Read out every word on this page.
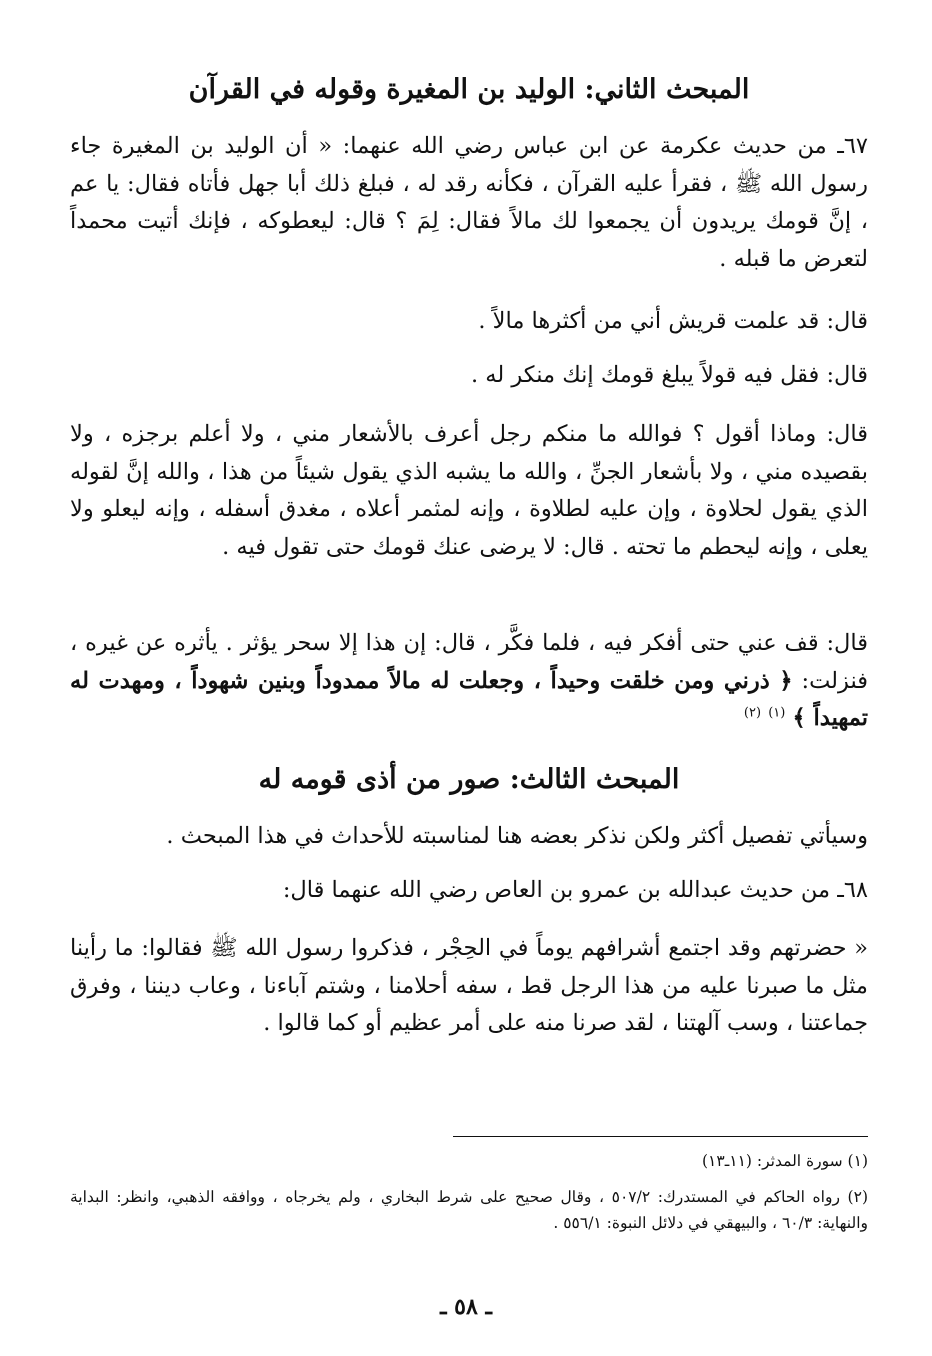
المبحث الثاني: الوليد بن المغيرة وقوله في القرآن

٦٧ـ من حديث عكرمة عن ابن عباس رضي الله عنهما: « أن الوليد بن المغيرة جاء رسول الله ﷺ ، فقرأ عليه القرآن ، فكأنه رقد له ، فبلغ ذلك أبا جهل فأتاه فقال: يا عم ، إنَّ قومك يريدون أن يجمعوا لك مالاً فقال: لِمَ ؟ قال: ليعطوكه ، فإنك أتيت محمداً لتعرض ما قبله .

قال: قد علمت قريش أني من أكثرها مالاً .

قال: فقل فيه قولاً يبلغ قومك إنك منكر له .

قال: وماذا أقول ؟ فوالله ما منكم رجل أعرف بالأشعار مني ، ولا أعلم برجزه ، ولا بقصيده مني ، ولا بأشعار الجنِّ ، والله ما يشبه الذي يقول شيئاً من هذا ، والله إنَّ لقوله الذي يقول لحلاوة ، وإن عليه لطلاوة ، وإنه لمثمر أعلاه ، مغدق أسفله ، وإنه ليعلو ولا يعلى ، وإنه ليحطم ما تحته . قال: لا يرضى عنك قومك حتى تقول فيه .

قال: قف عني حتى أفكر فيه ، فلما فكَّر ، قال: إن هذا إلا سحر يؤثر . يأثره عن غيره ، فنزلت: ﴿ ذرني ومن خلقت وحيداً ، وجعلت له مالاً ممدوداً وبنين شهوداً ، ومهدت له تمهيداً ﴾ $^{(١)}$ $^{(٢)}$

المبحث الثالث: صور من أذى قومه له

وسيأتي تفصيل أكثر ولكن نذكر بعضه هنا لمناسبته للأحداث في هذا المبحث .

٦٨ـ من حديث عبدالله بن عمرو بن العاص رضي الله عنهما قال:

« حضرتهم وقد اجتمع أشرافهم يوماً في الحِجْر ، فذكروا رسول الله ﷺ فقالوا: ما رأينا مثل ما صبرنا عليه من هذا الرجل قط ، سفه أحلامنا ، وشتم آباءنا ، وعاب ديننا ، وفرق جماعتنا ، وسب آلهتنا ، لقد صرنا منه على أمر عظيم أو كما قالوا .

(١) سورة المدثر: (١١ـ١٣)

(٢) رواه الحاكم في المستدرك: ٥٠٧/٢ ، وقال صحيح على شرط البخاري ، ولم يخرجاه ، ووافقه الذهبي، وانظر: البداية والنهاية: ٦٠/٣ ، والبيهقي في دلائل النبوة: ٥٥٦/١ .

ـ ٥٨ ـ
